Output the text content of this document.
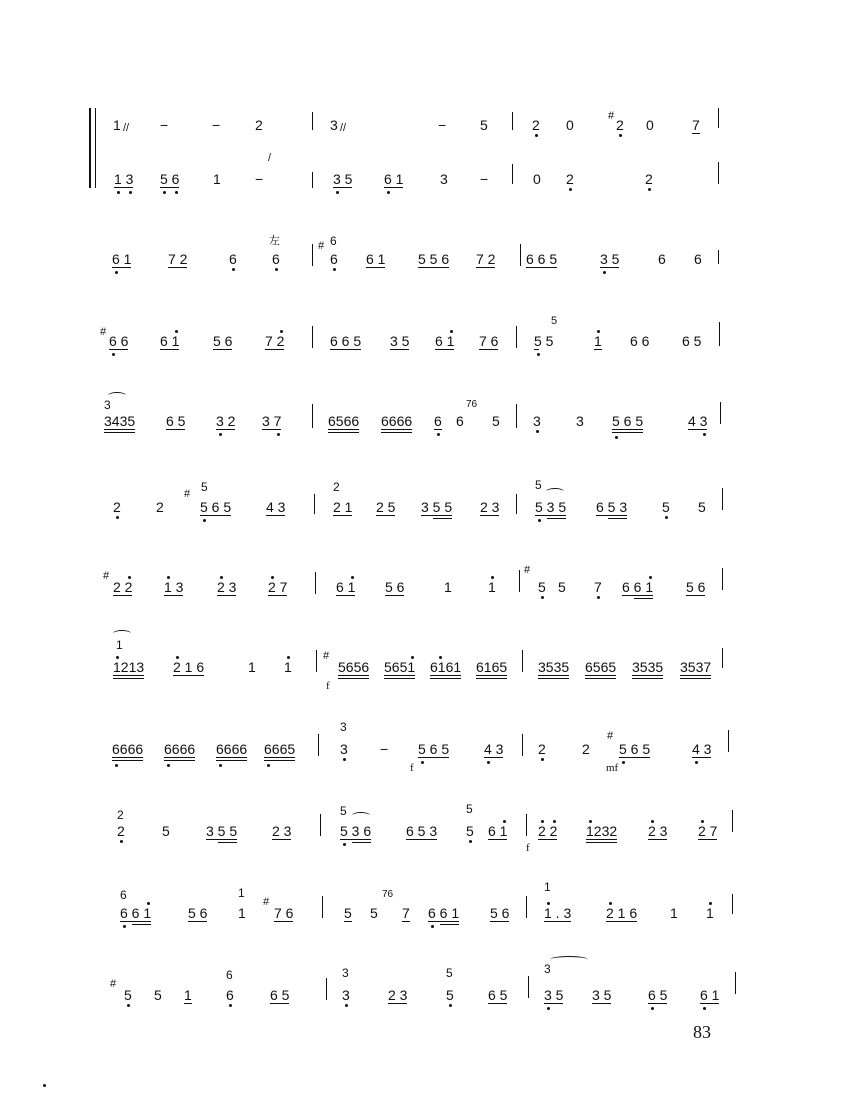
1 // −	− 2	3 //	− 5	2 0
#
2 0	7
1 3 5 6 1 −
/
3 5 6 1	3 −	0 2	2
6 1	7 2	6
左
6
# 6
6 6 1 5 5 6 7 2 6 6 5	3 5	6 6
#
6 6 6 1 5 6 7 2	6 6 5 3 5 6 1 7 6
5
5 5	1 6 6 6 5
3
3435 6 5 3 2 3 7	6566 6666 6 6
76
5 3	3 5 6 5	4 3
2	2
# 5
5 6 5 4 3
2
2 1 2 5 3 5 5 2 3
5
5 3 5 6 5 3 5 5
#
2 2 1 3 2 3 2 7	6 1 5 6	1	1
#
5 5 7 6 6 1 5 6
1
1213 2 1 6	1 1
#
f
5656 5651 6161 6165 3535 6565 3535 3537
6666 6666 6666 6665
3
3 −
f
5 6 5 4 3 2	2
#
mf
5 6 5	4 3
2
2	5	3 5 5 2 3
5
5 3 6 6 5 3
5
5 6 1
f
2 2 1232 2 3 2 7
6
6 6 1	5 6
1
1
#
7 6	5 5
76
7 6 6 1 5 6
1
1 . 3 2 1 6 1 1
#
5 5 1
6
6	6 5
3
3	2 3
5
5 6 5
3
3 5 3 5	6 5 6 1
83
